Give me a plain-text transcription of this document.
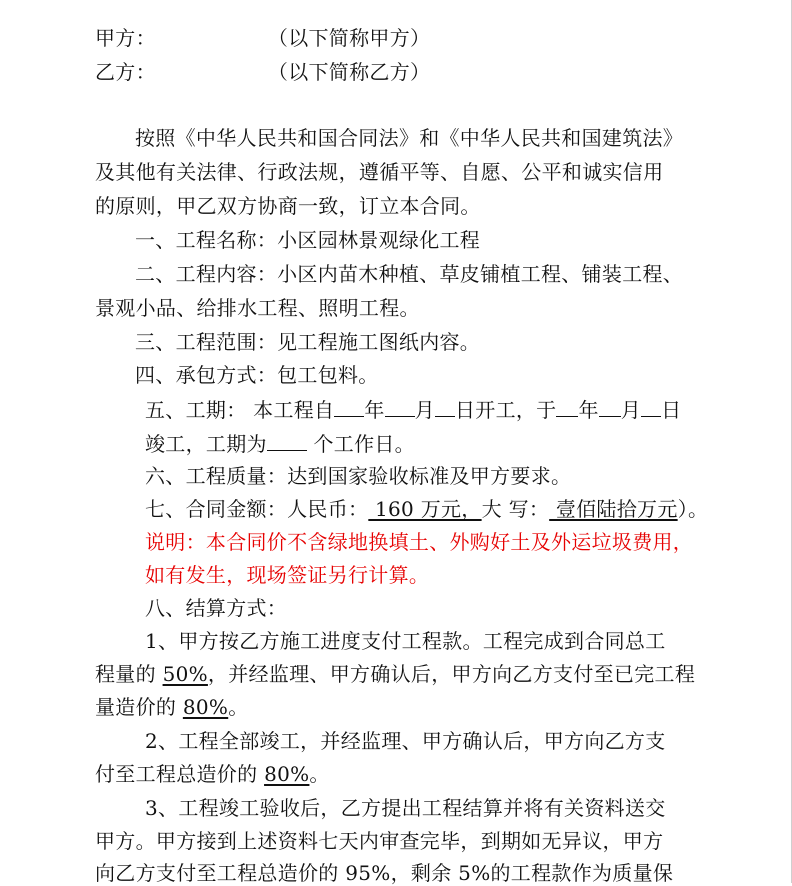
甲方：	（以下简称甲方）
乙方：	（以下简称乙方）
按照《中华人民共和国合同法》和《中华人民共和国建筑法》
及其他有关法律、行政法规，遵循平等、自愿、公平和诚实信用
的原则，甲乙双方协商一致，订立本合同。
一、工程名称：小区园林景观绿化工程
二、工程内容：小区内苗木种植、草皮铺植工程、铺装工程、
景观小品、给排水工程、照明工程。
三、工程范围：见工程施工图纸内容。
四、承包方式：包工包料。
五、工期： 本工程自 年 月 日开工，于 年 月 日
竣工，工期为 个工作日。
六、工程质量：达到国家验收标准及甲方要求。
七、合同金额：人民币： 160 万元，大 写： 壹佰陆拾万元）。
说明：本合同价不含绿地换填土、外购好土及外运垃圾费用，
如有发生，现场签证另行计算。
八、结算方式：
1、甲方按乙方施工进度支付工程款。工程完成到合同总工
程量的 50%，并经监理、甲方确认后，甲方向乙方支付至已完工程
量造价的 80%。
2、工程全部竣工，并经监理、甲方确认后，甲方向乙方支
付至工程总造价的 80%。
3、工程竣工验收后，乙方提出工程结算并将有关资料送交
甲方。甲方接到上述资料七天内审查完毕，到期如无异议，甲方
向乙方支付至工程总造价的 95%，剩余 5%的工程款作为质量保
